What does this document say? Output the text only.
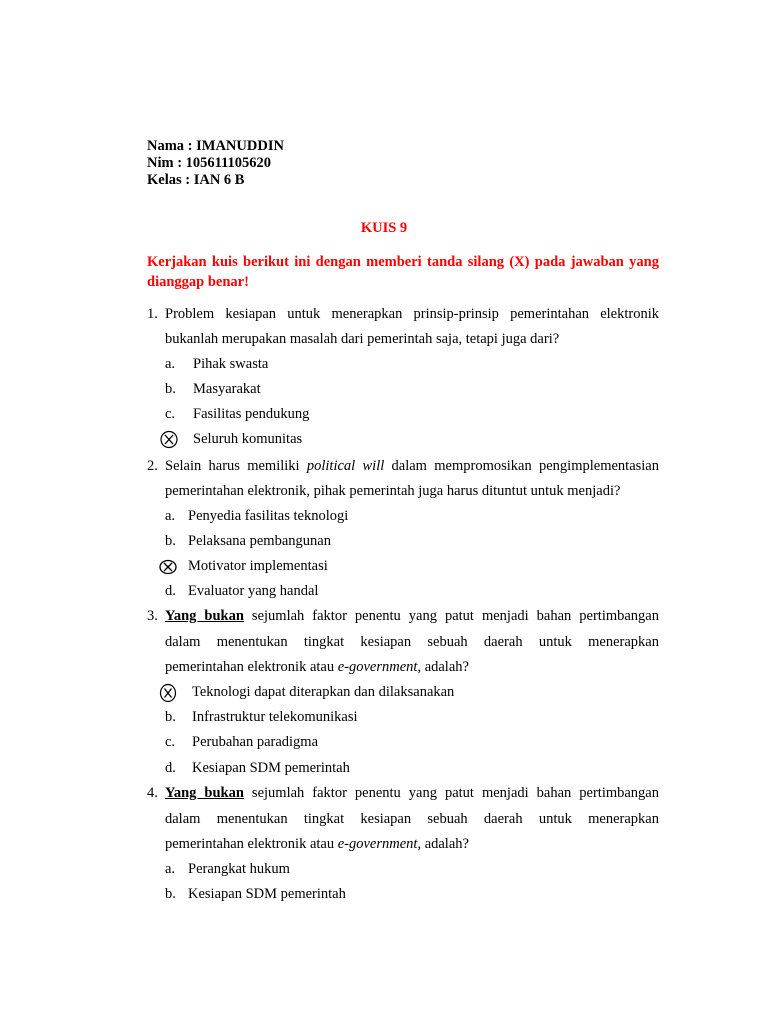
Nama : IMANUDDIN
Nim : 105611105620
Kelas : IAN 6 B
KUIS 9
Kerjakan kuis berikut ini dengan memberi tanda silang (X) pada jawaban yang dianggap benar!
1. Problem kesiapan untuk menerapkan prinsip-prinsip pemerintahan elektronik
bukanlah merupakan masalah dari pemerintah saja, tetapi juga dari?
a. Pihak swasta
b. Masyarakat
c. Fasilitas pendukung
Seluruh komunitas
2. Selain harus memiliki political will dalam mempromosikan pengimplementasian
pemerintahan elektronik, pihak pemerintah juga harus dituntut untuk menjadi?
a. Penyedia fasilitas teknologi
b. Pelaksana pembangunan
Motivator implementasi
d. Evaluator yang handal
3. Yang bukan sejumlah faktor penentu yang patut menjadi bahan pertimbangan
dalam menentukan tingkat kesiapan sebuah daerah untuk menerapkan
pemerintahan elektronik atau e-government, adalah?
Teknologi dapat diterapkan dan dilaksanakan
b. Infrastruktur telekomunikasi
c. Perubahan paradigma
d. Kesiapan SDM pemerintah
4. Yang bukan sejumlah faktor penentu yang patut menjadi bahan pertimbangan
dalam menentukan tingkat kesiapan sebuah daerah untuk menerapkan
pemerintahan elektronik atau e-government, adalah?
a. Perangkat hukum
b. Kesiapan SDM pemerintah
